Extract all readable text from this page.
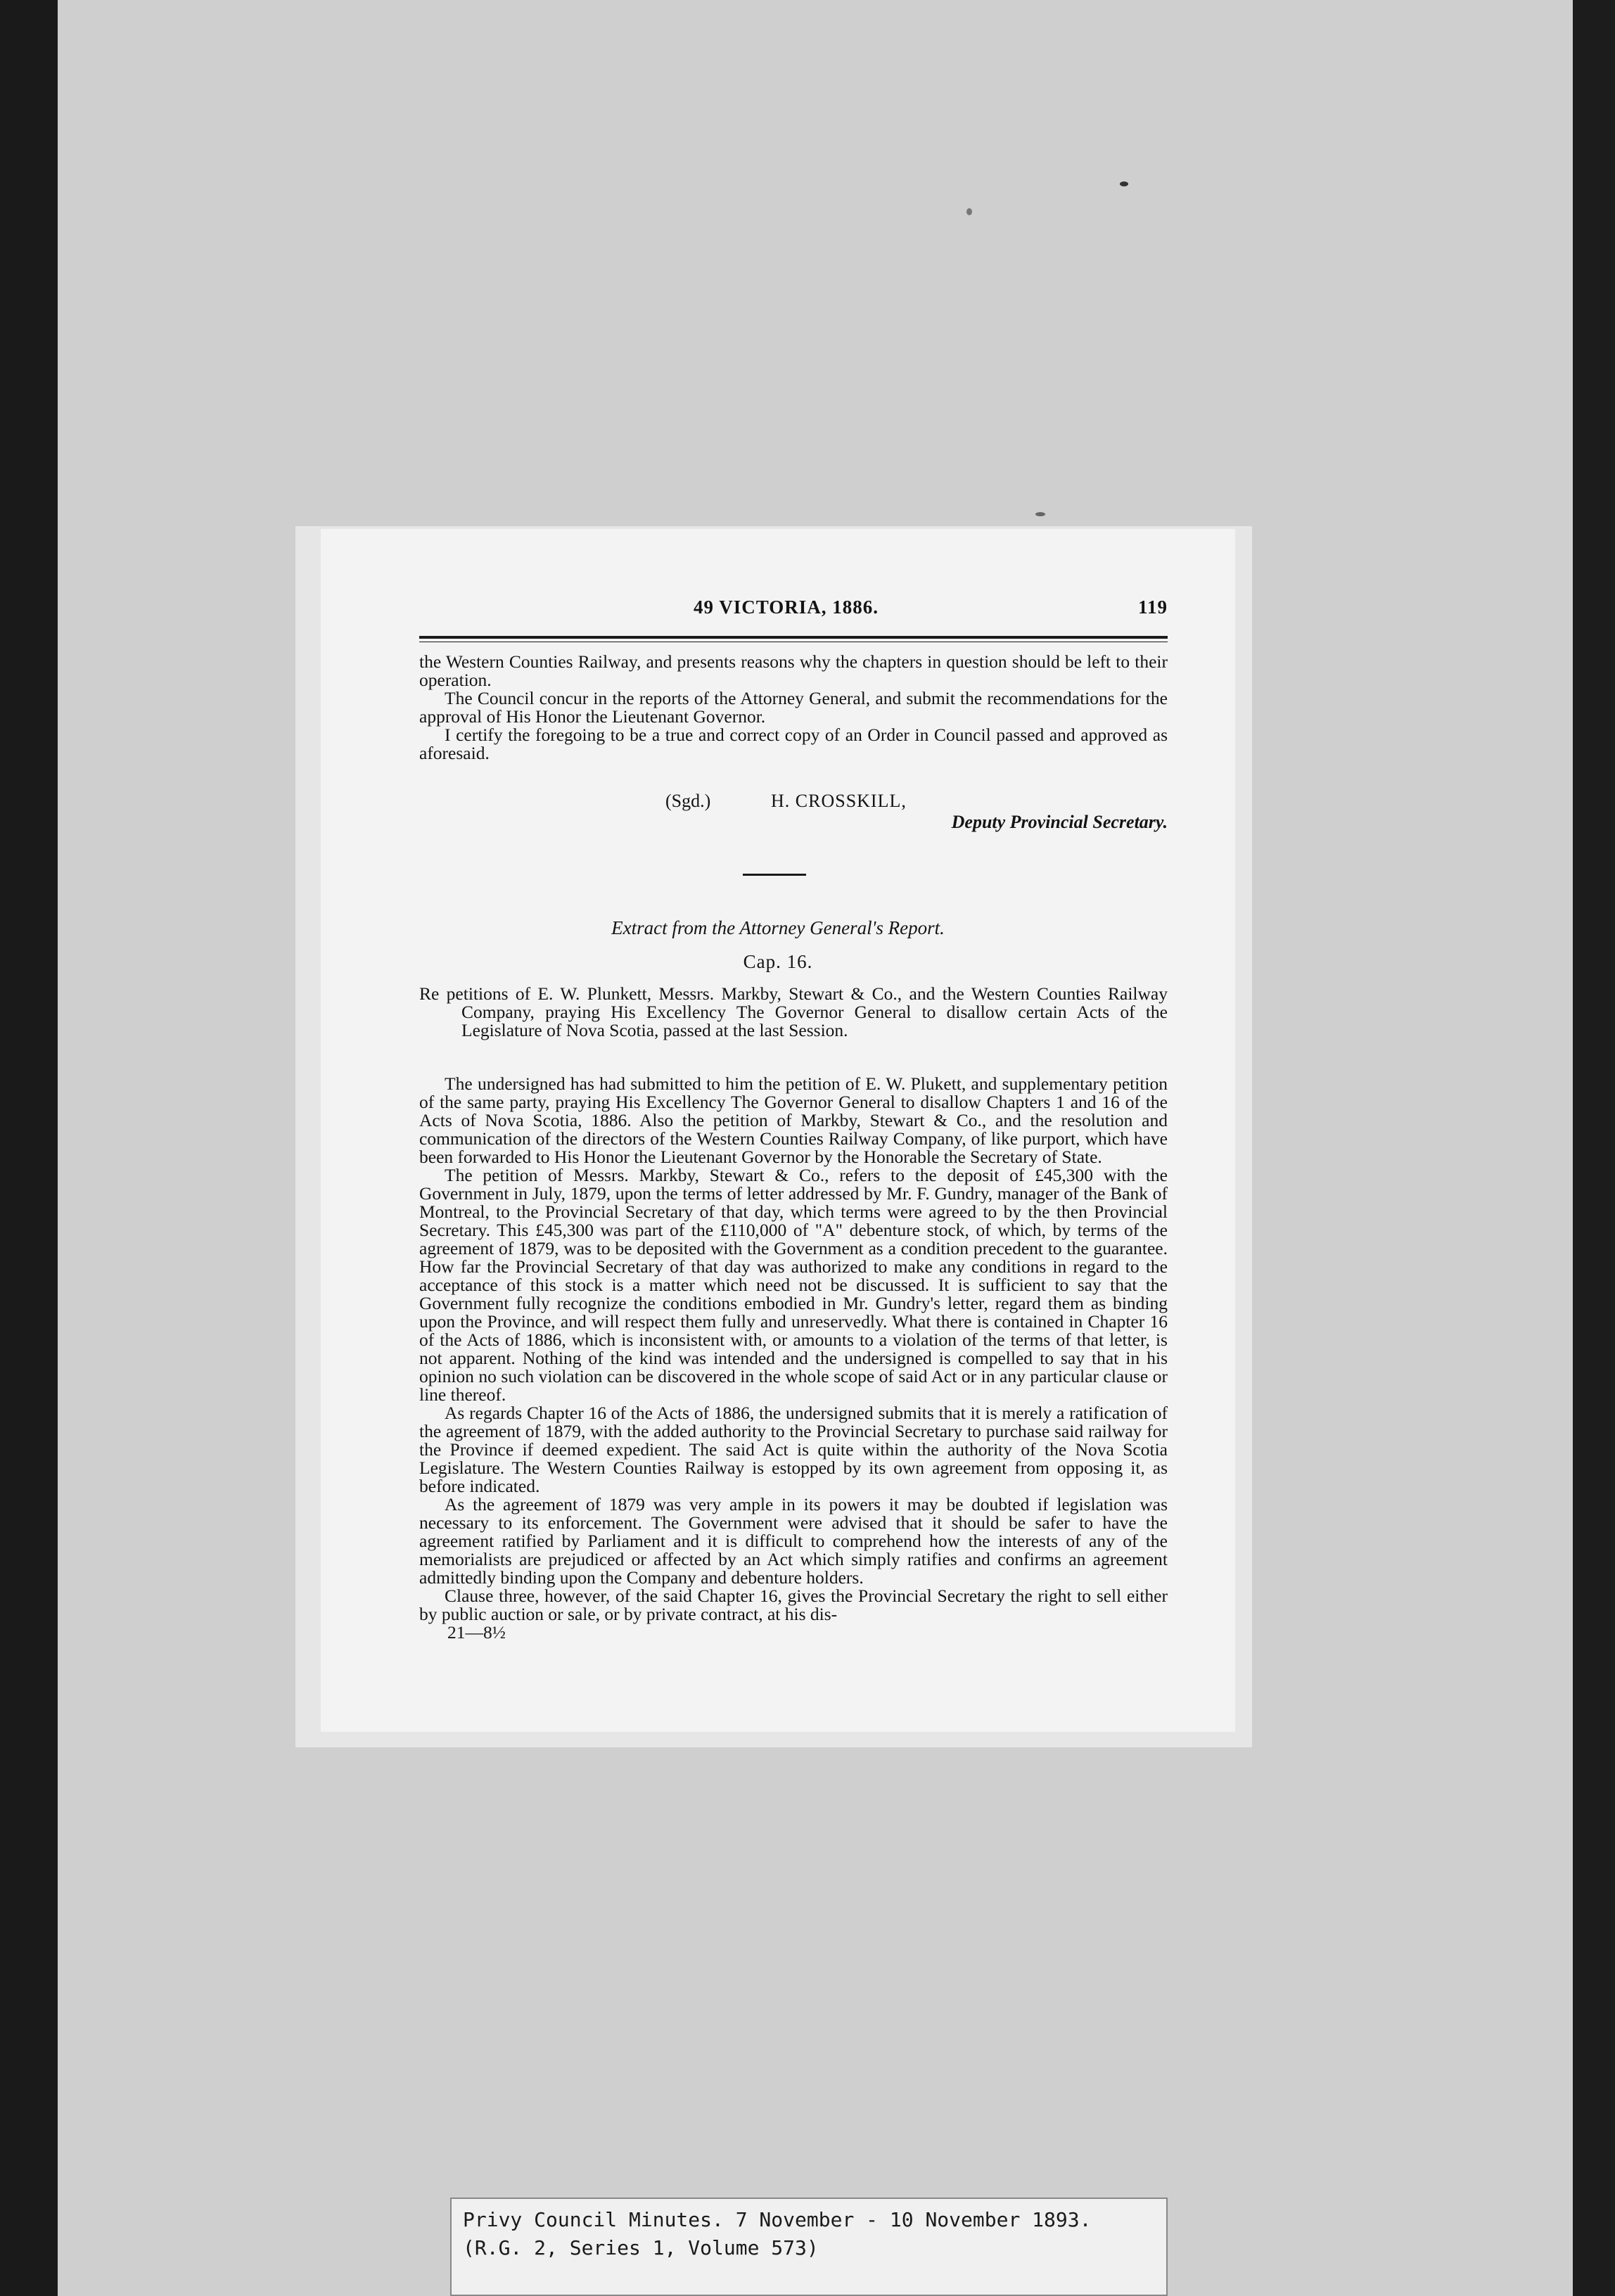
49 VICTORIA, 1886.	119

the Western Counties Railway, and presents reasons why the chapters in question should be left to their operation.

The Council concur in the reports of the Attorney General, and submit the recommendations for the approval of His Honor the Lieutenant Governor.

I certify the foregoing to be a true and correct copy of an Order in Council passed and approved as aforesaid.

(Sgd.)	H. CROSSKILL,
Deputy Provincial Secretary.
Extract from the Attorney General's Report.
Cap. 16.

Re petitions of E. W. Plunkett, Messrs. Markby, Stewart & Co., and the Western Counties Railway Company, praying His Excellency The Governor General to disallow certain Acts of the Legislature of Nova Scotia, passed at the last Session.

The undersigned has had submitted to him the petition of E. W. Plukett, and supplementary petition of the same party, praying His Excellency The Governor General to disallow Chapters 1 and 16 of the Acts of Nova Scotia, 1886. Also the petition of Markby, Stewart & Co., and the resolution and communication of the directors of the Western Counties Railway Company, of like purport, which have been forwarded to His Honor the Lieutenant Governor by the Honorable the Secretary of State.

The petition of Messrs. Markby, Stewart & Co., refers to the deposit of £45,300 with the Government in July, 1879, upon the terms of letter addressed by Mr. F. Gundry, manager of the Bank of Montreal, to the Provincial Secretary of that day, which terms were agreed to by the then Provincial Secretary. This £45,300 was part of the £110,000 of "A" debenture stock, of which, by terms of the agreement of 1879, was to be deposited with the Government as a condition precedent to the guarantee. How far the Provincial Secretary of that day was authorized to make any conditions in regard to the acceptance of this stock is a matter which need not be discussed. It is sufficient to say that the Government fully recognize the conditions embodied in Mr. Gundry's letter, regard them as binding upon the Province, and will respect them fully and unreservedly. What there is contained in Chapter 16 of the Acts of 1886, which is inconsistent with, or amounts to a violation of the terms of that letter, is not apparent. Nothing of the kind was intended and the undersigned is compelled to say that in his opinion no such violation can be discovered in the whole scope of said Act or in any particular clause or line thereof.

As regards Chapter 16 of the Acts of 1886, the undersigned submits that it is merely a ratification of the agreement of 1879, with the added authority to the Provincial Secretary to purchase said railway for the Province if deemed expedient. The said Act is quite within the authority of the Nova Scotia Legislature. The Western Counties Railway is estopped by its own agreement from opposing it, as before indicated.

As the agreement of 1879 was very ample in its powers it may be doubted if legislation was necessary to its enforcement. The Government were advised that it should be safer to have the agreement ratified by Parliament and it is difficult to comprehend how the interests of any of the memorialists are prejudiced or affected by an Act which simply ratifies and confirms an agreement admittedly binding upon the Company and debenture holders.

Clause three, however, of the said Chapter 16, gives the Provincial Secretary the right to sell either by public auction or sale, or by private contract, at his dis-

21—8½

Privy Council Minutes. 7 November - 10 November 1893.
(R.G. 2, Series 1, Volume 573)
